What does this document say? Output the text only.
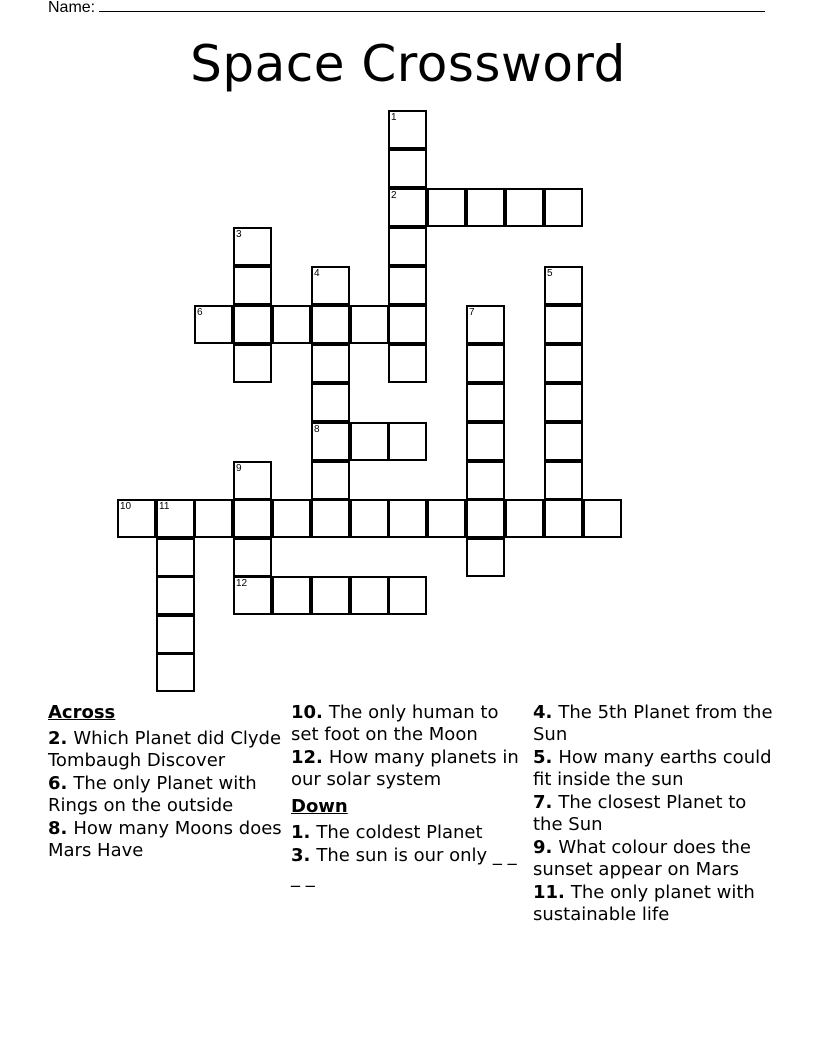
Name:
Space Crossword
1
2
3
4
8
5
6	7
9
10	11
12
Across
2. Which Planet did Clyde Tombaugh Discover
6. The only Planet with Rings on the outside
8. How many Moons does Mars Have
10. The only human to set foot on the Moon
12. How many planets in our solar system
Down
1. The coldest Planet
3. The sun is our only _ _ _ _
4. The 5th Planet from the Sun
5. How many earths could fit inside the sun
7. The closest Planet to the Sun
9. What colour does the sunset appear on Mars
11. The only planet with sustainable life
